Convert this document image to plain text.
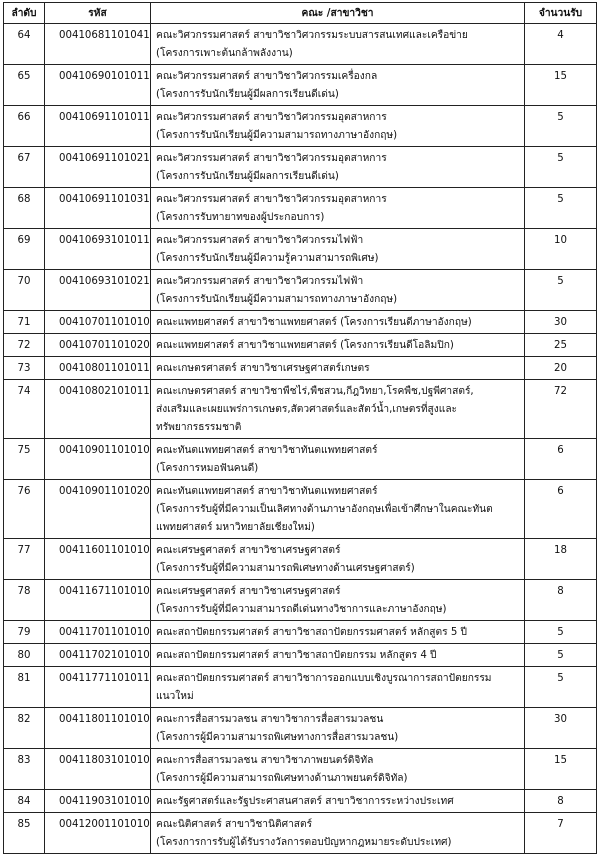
ลำดับ	รหัส	คณะ /สาขาวิชา	จำนวนรับ
64	00410681101041	คณะวิศวกรรมศาสตร์ สาขาวิชาวิศวกรรมระบบสารสนเทศและเครือข่าย
(โครงการเพาะต้นกล้าพลังงาน)	4
65	00410690101011	คณะวิศวกรรมศาสตร์ สาขาวิชาวิศวกรรมเครื่องกล
(โครงการรับนักเรียนผู้มีผลการเรียนดีเด่น)	15
66	00410691101011	คณะวิศวกรรมศาสตร์ สาขาวิชาวิศวกรรมอุตสาหการ
(โครงการรับนักเรียนผู้มีความสามารถทางภาษาอังกฤษ)	5
67	00410691101021	คณะวิศวกรรมศาสตร์ สาขาวิชาวิศวกรรมอุตสาหการ
(โครงการรับนักเรียนผู้มีผลการเรียนดีเด่น)	5
68	00410691101031	คณะวิศวกรรมศาสตร์ สาขาวิชาวิศวกรรมอุตสาหการ
(โครงการรับทายาทของผู้ประกอบการ)	5
69	00410693101011	คณะวิศวกรรมศาสตร์ สาขาวิชาวิศวกรรมไฟฟ้า
(โครงการรับนักเรียนผู้มีความรู้ความสามารถพิเศษ)	10
70	00410693101021	คณะวิศวกรรมศาสตร์ สาขาวิชาวิศวกรรมไฟฟ้า
(โครงการรับนักเรียนผู้มีความสามารถทางภาษาอังกฤษ)	5
71	00410701101010	คณะแพทยศาสตร์ สาขาวิชาแพทยศาสตร์ (โครงการเรียนดีภาษาอังกฤษ)	30
72	00410701101020	คณะแพทยศาสตร์ สาขาวิชาแพทยศาสตร์ (โครงการเรียนดีโอลิมปิก)	25
73	00410801101011	คณะเกษตรศาสตร์ สาขาวิชาเศรษฐศาสตร์เกษตร	20
74	00410802101011	คณะเกษตรศาสตร์ สาขาวิชาพืชไร่,พืชสวน,กีฎวิทยา,โรคพืช,ปฐพีศาสตร์,
ส่งเสริมและเผยแพร่การเกษตร,สัตวศาสตร์และสัตว์น้ำ,เกษตรที่สูงและ
ทรัพยากรธรรมชาติ	72
75	00410901101010	คณะทันตแพทยศาสตร์ สาขาวิชาทันตแพทยศาสตร์
(โครงการหมอฟันคนดี)	6
76	00410901101020	คณะทันตแพทยศาสตร์ สาขาวิชาทันตแพทยศาสตร์
(โครงการรับผู้ที่มีความเป็นเลิศทางด้านภาษาอังกฤษเพื่อเข้าศึกษาในคณะทันต
แพทยศาสตร์ มหาวิทยาลัยเชียงใหม่)	6
77	00411601101010	คณะเศรษฐศาสตร์ สาขาวิชาเศรษฐศาสตร์
(โครงการรับผู้ที่มีความสามารถพิเศษทางด้านเศรษฐศาสตร์)	18
78	00411671101010	คณะเศรษฐศาสตร์ สาขาวิชาเศรษฐศาสตร์
(โครงการรับผู้ที่มีความสามารถดีเด่นทางวิชาการและภาษาอังกฤษ)	8
79	00411701101010	คณะสถาปัตยกรรมศาสตร์ สาขาวิชาสถาปัตยกรรมศาสตร์ หลักสูตร 5 ปี	5
80	00411702101010	คณะสถาปัตยกรรมศาสตร์ สาขาวิชาสถาปัตยกรรม หลักสูตร 4 ปี	5
81	00411771101011	คณะสถาปัตยกรรมศาสตร์ สาขาวิชาการออกแบบเชิงบูรณาการสถาปัตยกรรม
แนวใหม่	5
82	00411801101010	คณะการสื่อสารมวลชน สาขาวิชาการสื่อสารมวลชน
(โครงการผู้มีความสามารถพิเศษทางการสื่อสารมวลชน)	30
83	00411803101010	คณะการสื่อสารมวลชน สาขาวิชาภาพยนตร์ดิจิทัล
(โครงการผู้มีความสามารถพิเศษทางด้านภาพยนตร์ดิจิทัล)	15
84	00411903101010	คณะรัฐศาสตร์และรัฐประศาสนศาสตร์ สาขาวิชาการระหว่างประเทศ	8
85	00412001101010	คณะนิติศาสตร์ สาขาวิชานิติศาสตร์
(โครงการการรับผู้ได้รับรางวัลการตอบปัญหากฎหมายระดับประเทศ)	7
